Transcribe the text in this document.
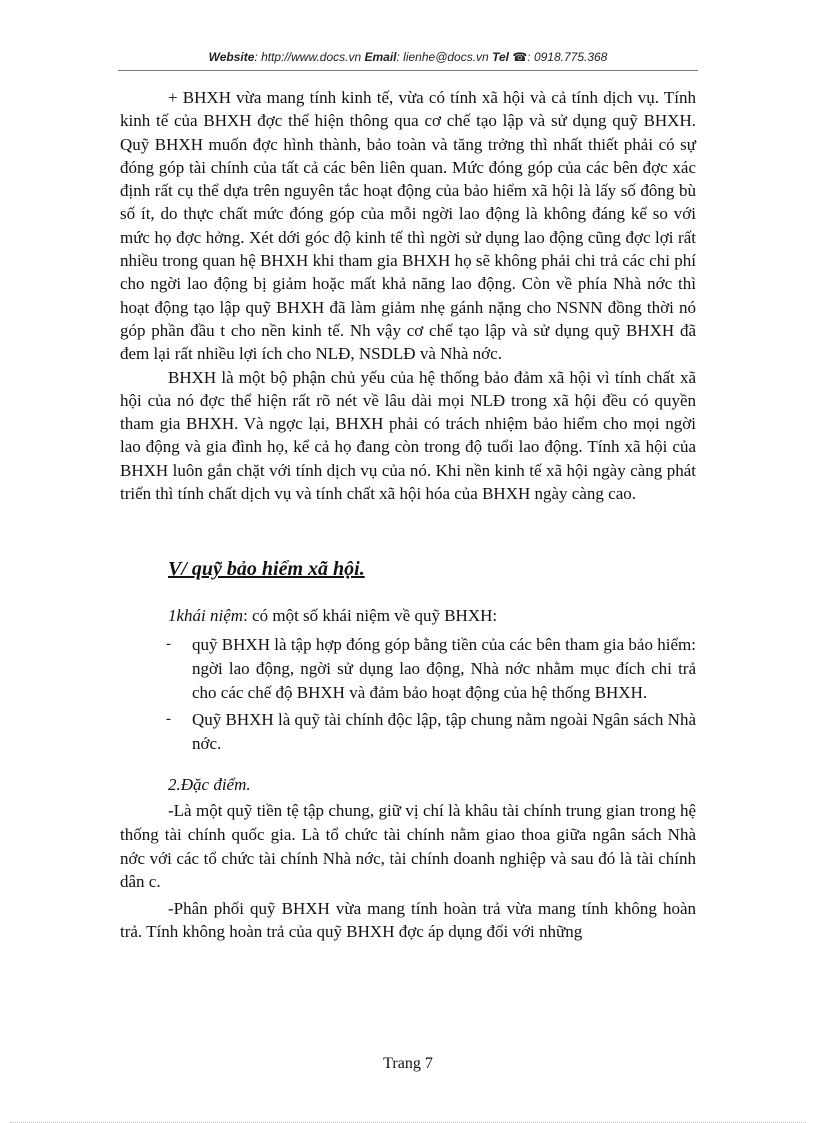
Website: http://www.docs.vn Email: lienhe@docs.vn Tel ☎: 0918.775.368

+ BHXH vừa mang tính kinh tế, vừa có tính xã hội và cả tính dịch vụ. Tính kinh tế của BHXH đợc thể hiện thông qua cơ chế tạo lập và sử dụng quỹ BHXH. Quỹ BHXH muốn đợc hình thành, bảo toàn và tăng trởng thì nhất thiết phải có sự đóng góp tài chính của tất cả các bên liên quan. Mức đóng góp của các bên đợc xác định rất cụ thể dựa trên nguyên tắc hoạt động của bảo hiểm xã hội là lấy số đông bù số ít, do thực chất mức đóng góp của mỗi ngời lao động là không đáng kể so với mức họ đợc hởng. Xét dới góc độ kinh tế thì ngời sử dụng lao động cũng đợc lợi rất nhiều trong quan hệ BHXH khi tham gia BHXH họ sẽ không phải chi trả các chi phí cho ngời lao động bị giảm hoặc mất khả năng lao động. Còn về phía Nhà nớc thì hoạt động tạo lập quỹ BHXH đã làm giảm nhẹ gánh nặng cho NSNN đồng thời nó góp phần đầu t cho nền kinh tế. Nh vậy cơ chế tạo lập và sử dụng quỹ BHXH đã đem lại rất nhiều lợi ích cho NLĐ, NSDLĐ và Nhà nớc.

BHXH là một bộ phận chủ yếu của hệ thống bảo đảm xã hội vì tính chất xã hội của nó đợc thể hiện rất rõ nét về lâu dài mọi NLĐ trong xã hội đều có quyền tham gia BHXH. Và ngợc lại, BHXH phải có trách nhiệm bảo hiểm cho mọi ngời lao động và gia đình họ, kể cả họ đang còn trong độ tuổi lao động. Tính xã hội của BHXH luôn gắn chặt với tính dịch vụ của nó. Khi nền kinh tế xã hội ngày càng phát triển thì tính chất dịch vụ và tính chất xã hội hóa của BHXH ngày càng cao.

V/ quỹ bảo hiểm xã hội.
1khái niệm: có một số khái niệm về quỹ BHXH:
- quỹ BHXH là tập hợp đóng góp bằng tiền của các bên tham gia bảo hiểm: ngời lao động, ngời sử dụng lao động, Nhà nớc nhằm mục đích chi trả cho các chế độ BHXH và đảm bảo hoạt động của hệ thống BHXH.
- Quỹ BHXH là quỹ tài chính độc lập, tập chung nằm ngoài Ngân sách Nhà nớc.
2.Đặc điểm.

-Là một quỹ tiền tệ tập chung, giữ vị chí là khâu tài chính trung gian trong hệ thống tài chính quốc gia. Là tổ chức tài chính nằm giao thoa giữa ngân sách Nhà nớc với các tổ chức tài chính Nhà nớc, tài chính doanh nghiệp và sau đó là tài chính dân c.

-Phân phối quỹ BHXH vừa mang tính hoàn trả vừa mang tính không hoàn trả. Tính không hoàn trả của quỹ BHXH đợc áp dụng đối với những

Trang 7
